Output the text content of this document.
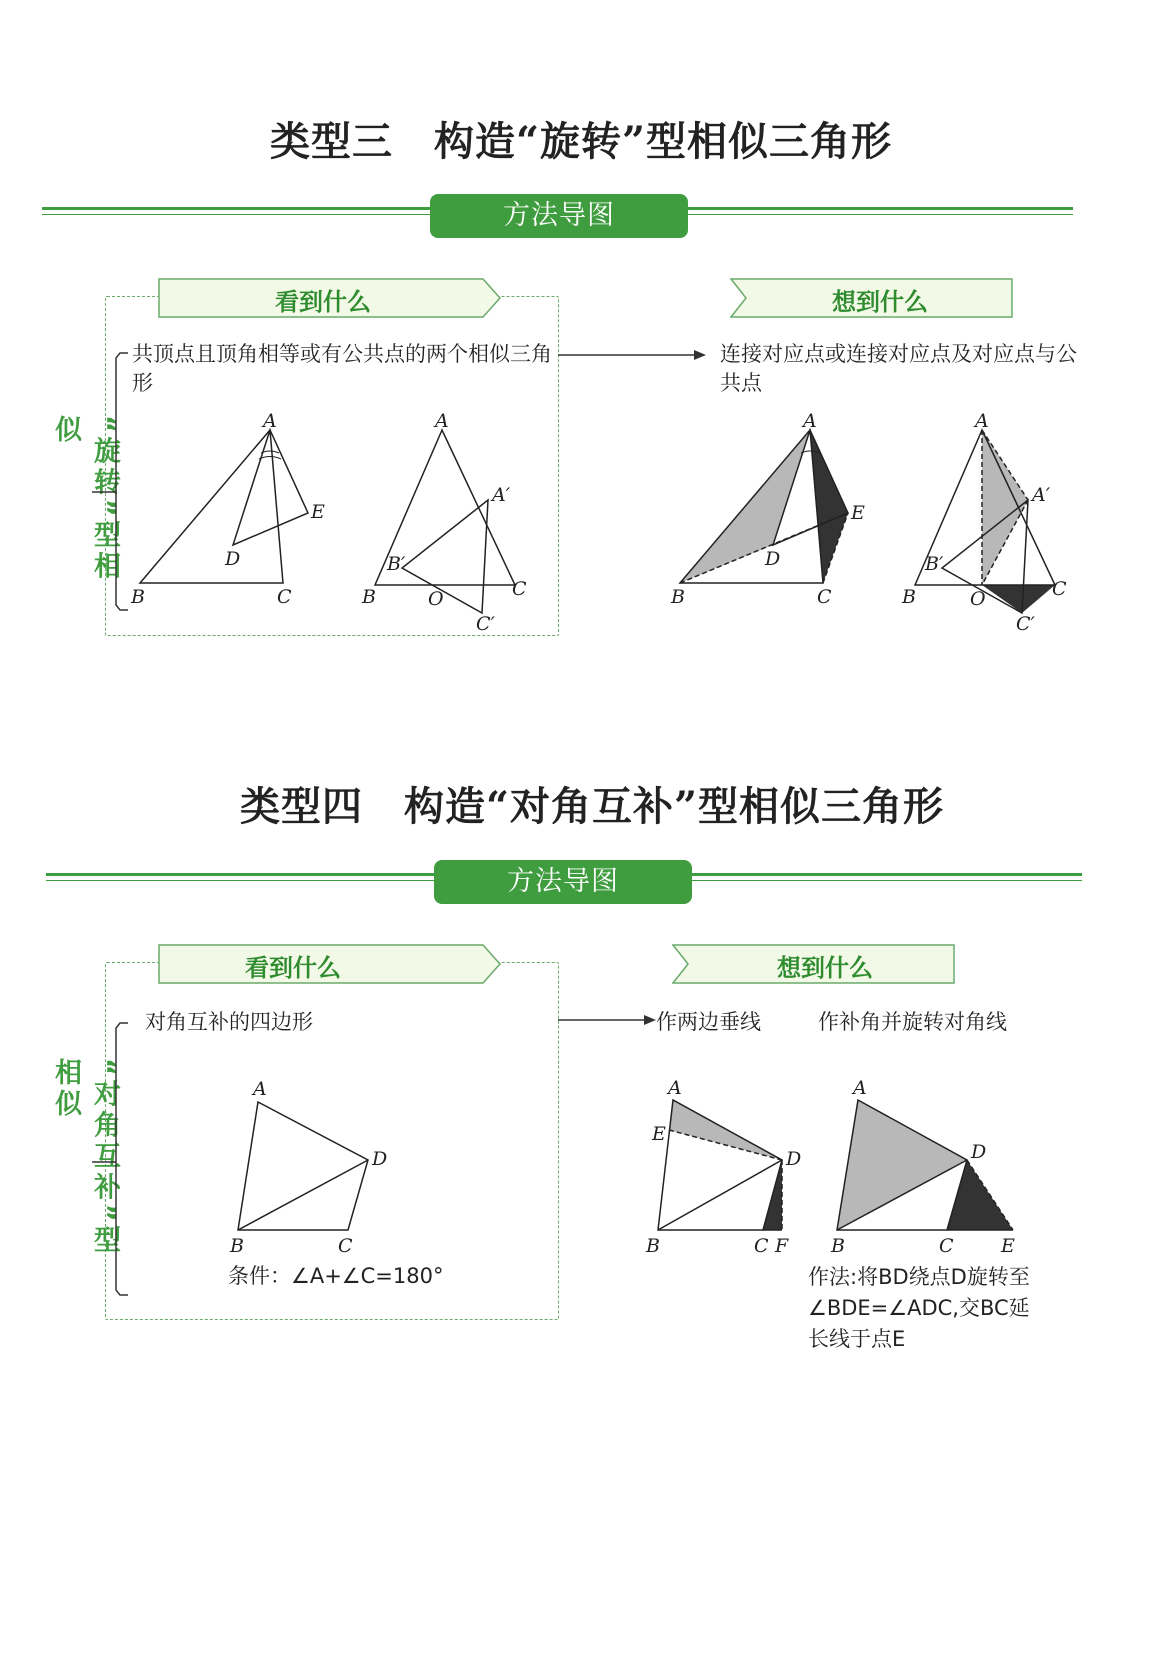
类型三　构造“旋转”型相似三角形
方法导图
看到什么	想到什么
“旋转”型相似
共顶点且顶角相等或有公共点的两个相似三角形
连接对应点或连接对应点及对应点与公共点
A
B	C
D
E
A
B	C
B′
A′
O
C′
A
B	C
D
E
A
B	C
B′
A′
O
C′
类型四　构造“对角互补”型相似三角形
方法导图
看到什么	想到什么
“对角互补”型相似
对角互补的四边形	作两边垂线	作补角并旋转对角线
A
B	C
D
条件：∠A+∠C=180°
A
E
B	C F
D
A
B	C E
D
作法:将BD绕点D旋转至∠BDE=∠ADC,交BC延长线于点E
